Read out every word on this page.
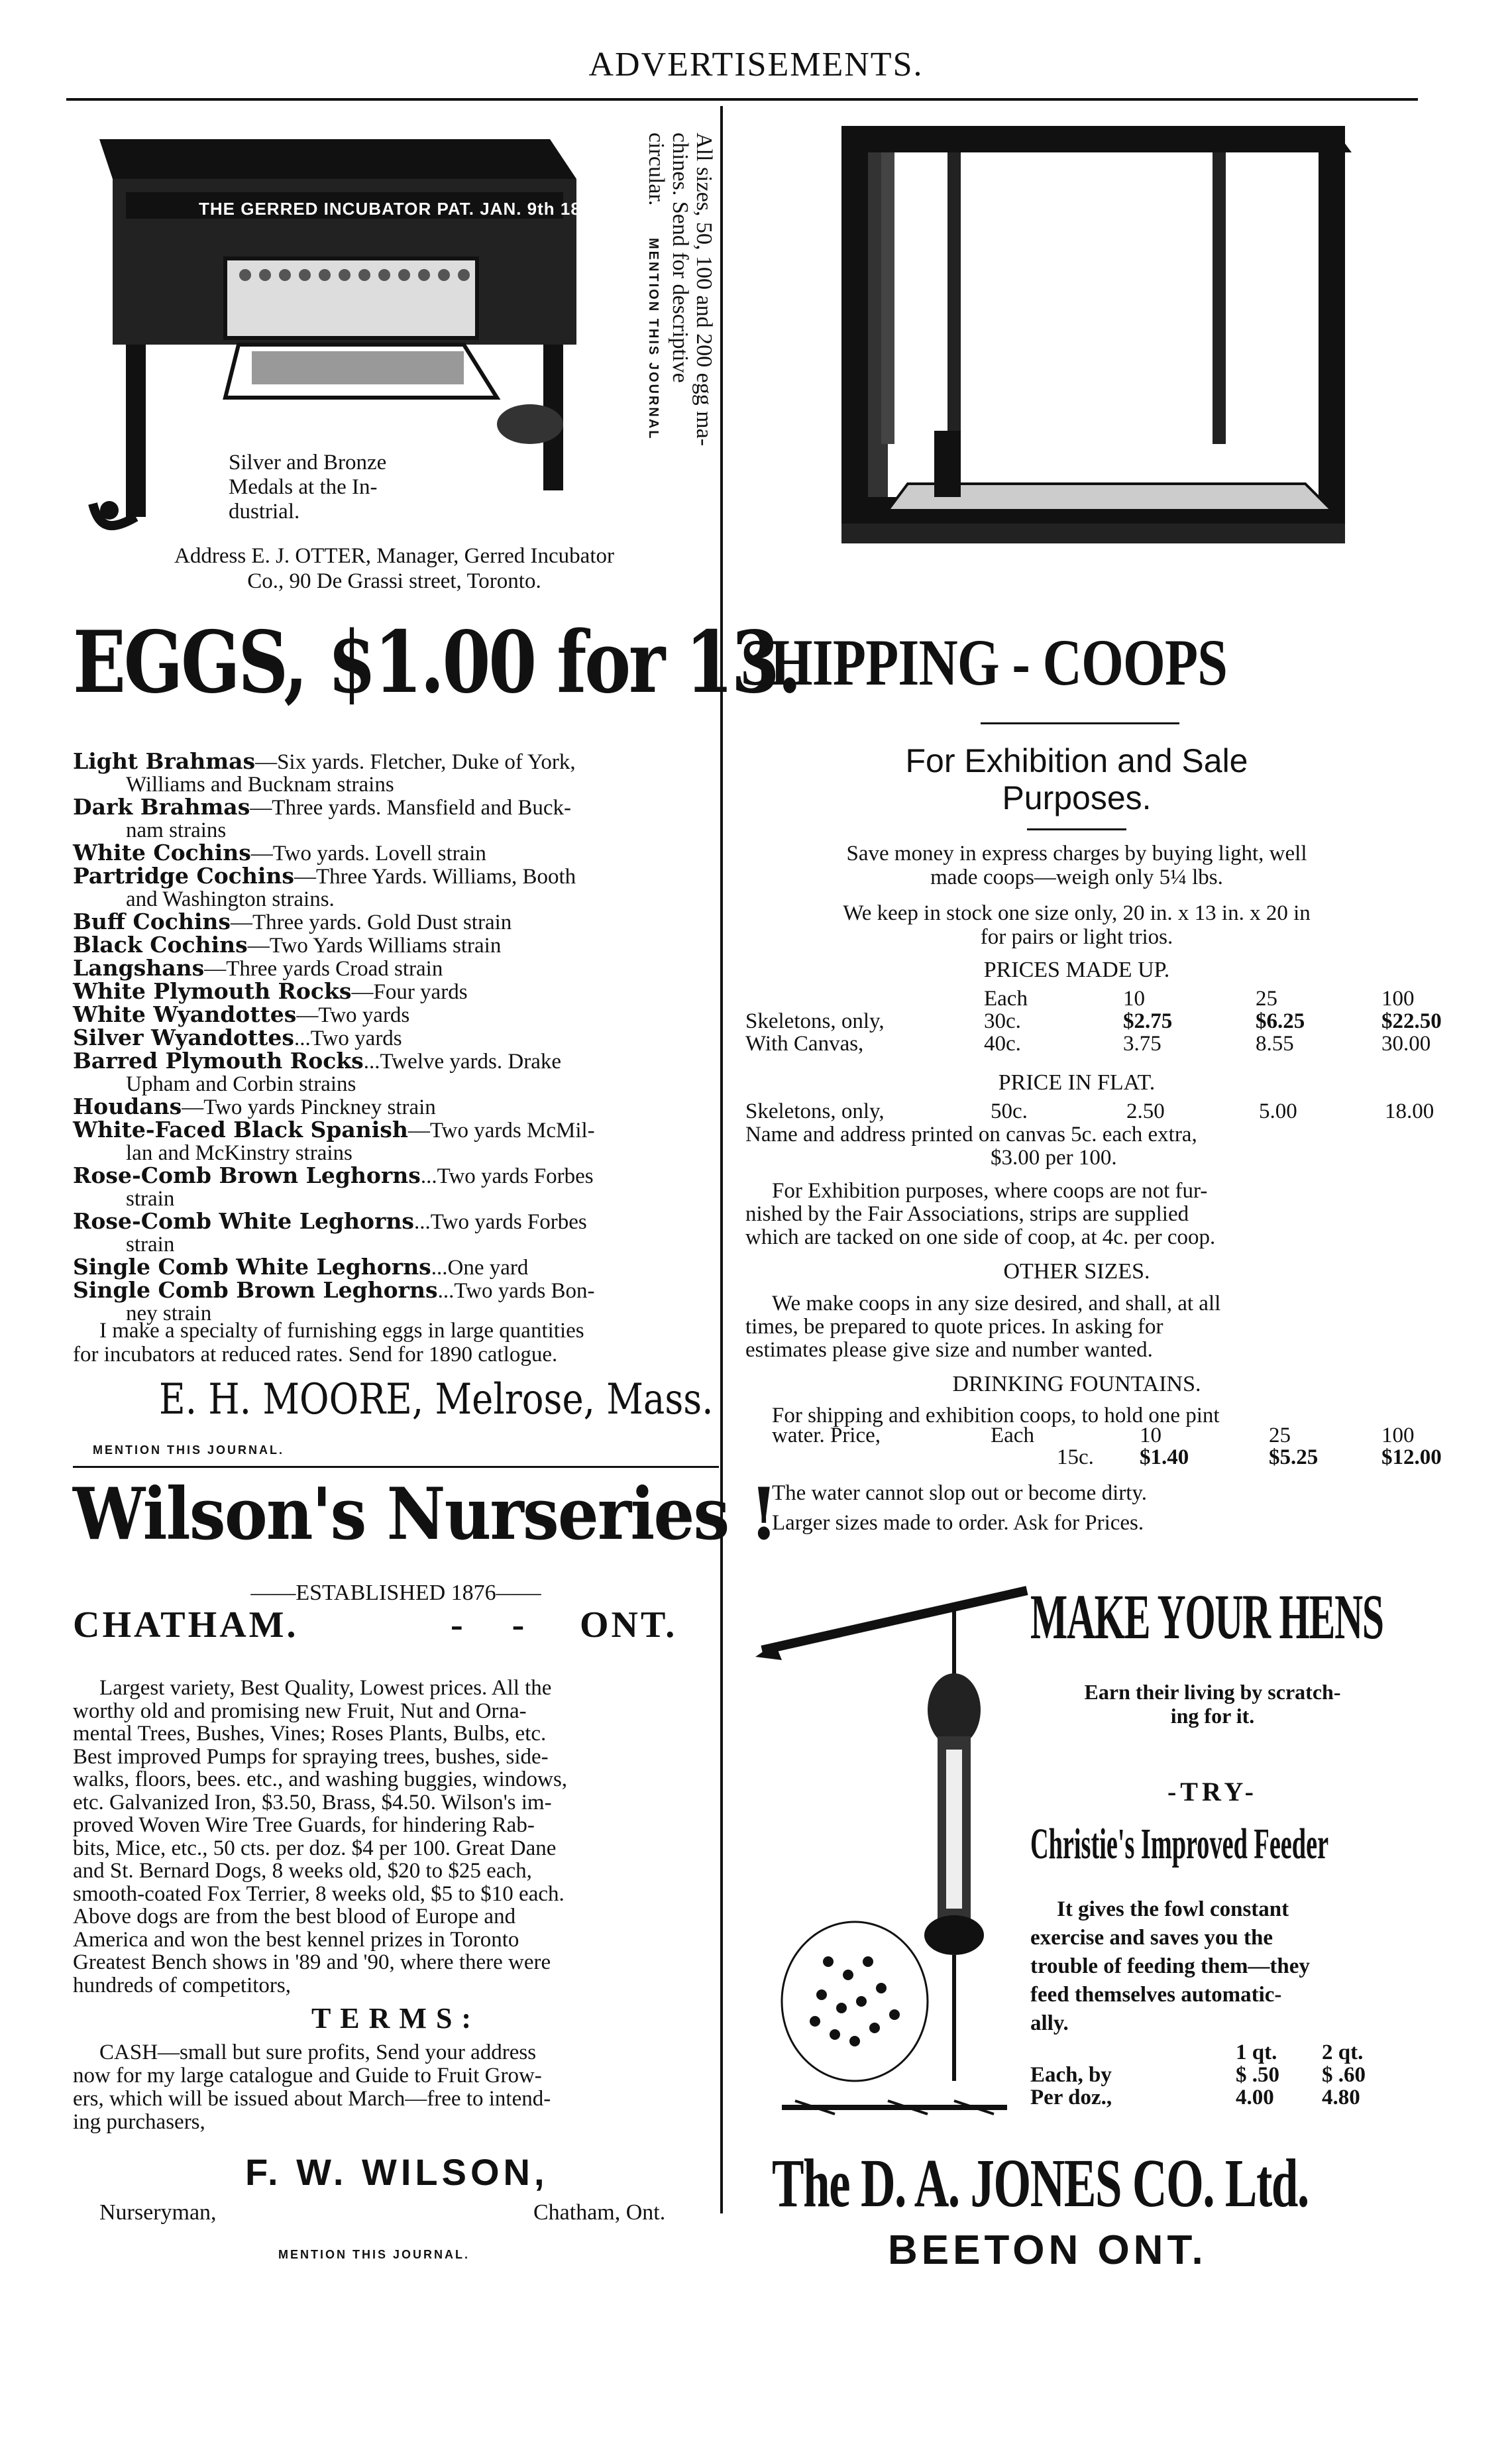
ADVERTISEMENTS.
THE GERRED INCUBATOR PAT. JAN. 9th 1888	All sizes, 50, 100 and 200 egg ma-
chines. Send for descriptive
circular. MENTION THIS JOURNAL
Silver and Bronze
Medals at the In-
dustrial.
Address E. J. OTTER, Manager, Gerred Incubator
Co., 90 De Grassi street, Toronto.
EGGS, $1.00 for 13.
Light Brahmas—Six yards. Fletcher, Duke of York,
Williams and Bucknam strains
Dark Brahmas—Three yards. Mansfield and Buck-
nam strains
White Cochins—Two yards. Lovell strain
Partridge Cochins—Three Yards. Williams, Booth
and Washington strains.
Buff Cochins—Three yards. Gold Dust strain
Black Cochins—Two Yards Williams strain
Langshans—Three yards Croad strain
White Plymouth Rocks—Four yards
White Wyandottes—Two yards
Silver Wyandottes...Two yards
Barred Plymouth Rocks...Twelve yards. Drake
Upham and Corbin strains
Houdans—Two yards Pinckney strain
White-Faced Black Spanish—Two yards McMil-
lan and McKinstry strains
Rose-Comb Brown Leghorns...Two yards Forbes
strain
Rose-Comb White Leghorns...Two yards Forbes
strain
Single Comb White Leghorns...One yard
Single Comb Brown Leghorns...Two yards Bon-
ney strain
I make a specialty of furnishing eggs in large quantities
for incubators at reduced rates. Send for 1890 catlogue.
E. H. MOORE, Melrose, Mass.
MENTION THIS JOURNAL.
Wilson's Nurseries !
——ESTABLISHED 1876——
CHATHAM.	- - ONT.
Largest variety, Best Quality, Lowest prices. All the
worthy old and promising new Fruit, Nut and Orna-
mental Trees, Bushes, Vines; Roses Plants, Bulbs, etc.
Best improved Pumps for spraying trees, bushes, side-
walks, floors, bees. etc., and washing buggies, windows,
etc. Galvanized Iron, $3.50, Brass, $4.50. Wilson's im-
proved Woven Wire Tree Guards, for hindering Rab-
bits, Mice, etc., 50 cts. per doz. $4 per 100. Great Dane
and St. Bernard Dogs, 8 weeks old, $20 to $25 each,
smooth-coated Fox Terrier, 8 weeks old, $5 to $10 each.
Above dogs are from the best blood of Europe and
America and won the best kennel prizes in Toronto
Greatest Bench shows in '89 and '90, where there were
hundreds of competitors,
TERMS:
CASH—small but sure profits, Send your address
now for my large catalogue and Guide to Fruit Grow-
ers, which will be issued about March—free to intend-
ing purchasers,
F. W. WILSON,
Nurseryman,	Chatham, Ont.
MENTION THIS JOURNAL.
SHIPPING - COOPS
For Exhibition and Sale
Purposes.
Save money in express charges by buying light, well
made coops—weigh only 5¼ lbs.
We keep in stock one size only, 20 in. x 13 in. x 20 in
for pairs or light trios.
PRICES MADE UP.
	Each	10	25	100
Skeletons, only,	30c.	$2.75	$6.25	$22.50
With Canvas,	40c.	3.75	8.55	30.00
PRICE IN FLAT.
Skeletons, only,	50c.	2.50	5.00	18.00
Name and address printed on canvas 5c. each extra,
$3.00 per 100.
For Exhibition purposes, where coops are not fur-
nished by the Fair Associations, strips are supplied
which are tacked on one side of coop, at 4c. per coop.
OTHER SIZES.
We make coops in any size desired, and shall, at all
times, be prepared to quote prices. In asking for
estimates please give size and number wanted.
DRINKING FOUNTAINS.
For shipping and exhibition coops, to hold one pint
water. Price,	Each	10	25	100
	15c.	$1.40	$5.25	$12.00
The water cannot slop out or become dirty.
Larger sizes made to order. Ask for Prices.
MAKE YOUR HENS
Earn their living by scratch-
ing for it.
-TRY-
Christie's Improved Feeder
It gives the fowl constant
exercise and saves you the
trouble of feeding them—they
feed themselves automatic-
ally.
	1 qt.	2 qt.
Each, by	$ .50	$ .60
Per doz.,	4.00	4.80
The D. A. JONES CO. Ltd.
BEETON ONT.
